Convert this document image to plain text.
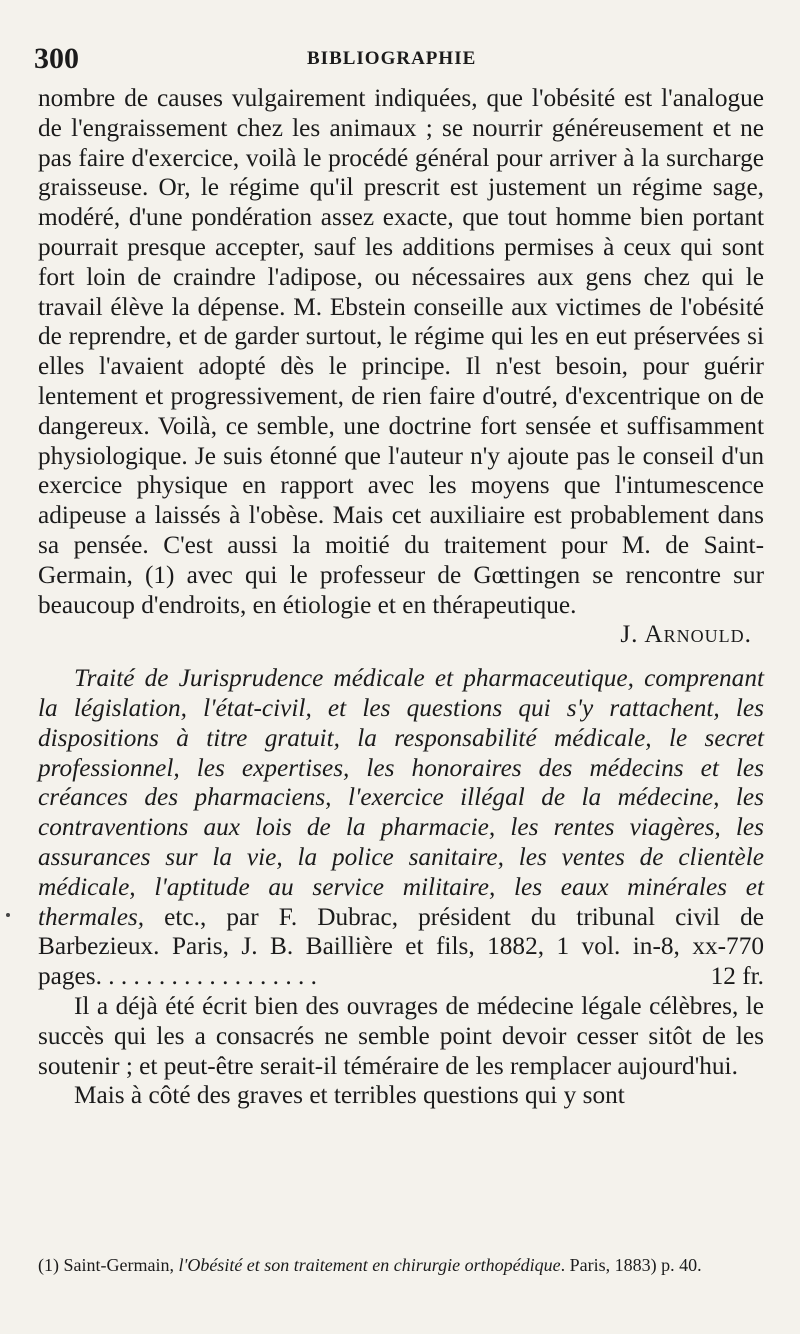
300	BIBLIOGRAPHIE

nombre de causes vulgairement indiquées, que l'obésité est l'analogue de l'engraissement chez les animaux ; se nourrir généreusement et ne pas faire d'exercice, voilà le procédé général pour arriver à la surcharge graisseuse. Or, le régime qu'il prescrit est justement un régime sage, modéré, d'une pondération assez exacte, que tout homme bien portant pourrait presque accepter, sauf les additions permises à ceux qui sont fort loin de craindre l'adipose, ou nécessaires aux gens chez qui le travail élève la dépense. M. Ebstein conseille aux victimes de l'obésité de reprendre, et de garder surtout, le régime qui les en eut préservées si elles l'avaient adopté dès le principe. Il n'est besoin, pour guérir lentement et progressivement, de rien faire d'outré, d'excentrique on de dangereux. Voilà, ce semble, une doctrine fort sensée et suffisamment physiologique. Je suis étonné que l'auteur n'y ajoute pas le conseil d'un exercice physique en rapport avec les moyens que l'intumescence adipeuse a laissés à l'obèse. Mais cet auxiliaire est probablement dans sa pensée. C'est aussi la moitié du traitement pour M. de Saint-Germain, (1) avec qui le professeur de Gœttingen se rencontre sur beaucoup d'endroits, en étiologie et en thérapeutique.

J. Arnould.

Traité de Jurisprudence médicale et pharmaceutique, comprenant la législation, l'état-civil, et les questions qui s'y rattachent, les dispositions à titre gratuit, la responsabilité médicale, le secret professionnel, les expertises, les honoraires des médecins et les créances des pharmaciens, l'exercice illégal de la médecine, les contraventions aux lois de la pharmacie, les rentes viagères, les assurances sur la vie, la police sanitaire, les ventes de clientèle médicale, l'aptitude au service militaire, les eaux minérales et thermales, etc., par F. Dubrac, président du tribunal civil de Barbezieux. Paris, J. B. Baillière et fils, 1882, 1 vol. in-8, xx-770 pages. . . . . . . . . . . . . . . . . .	12 fr.

Il a déjà été écrit bien des ouvrages de médecine légale célèbres, le succès qui les a consacrés ne semble point devoir cesser sitôt de les soutenir ; et peut-être serait-il téméraire de les remplacer aujourd'hui.

Mais à côté des graves et terribles questions qui y sont

(1) Saint-Germain, l'Obésité et son traitement en chirurgie orthopédique. Paris, 1883) p. 40.
